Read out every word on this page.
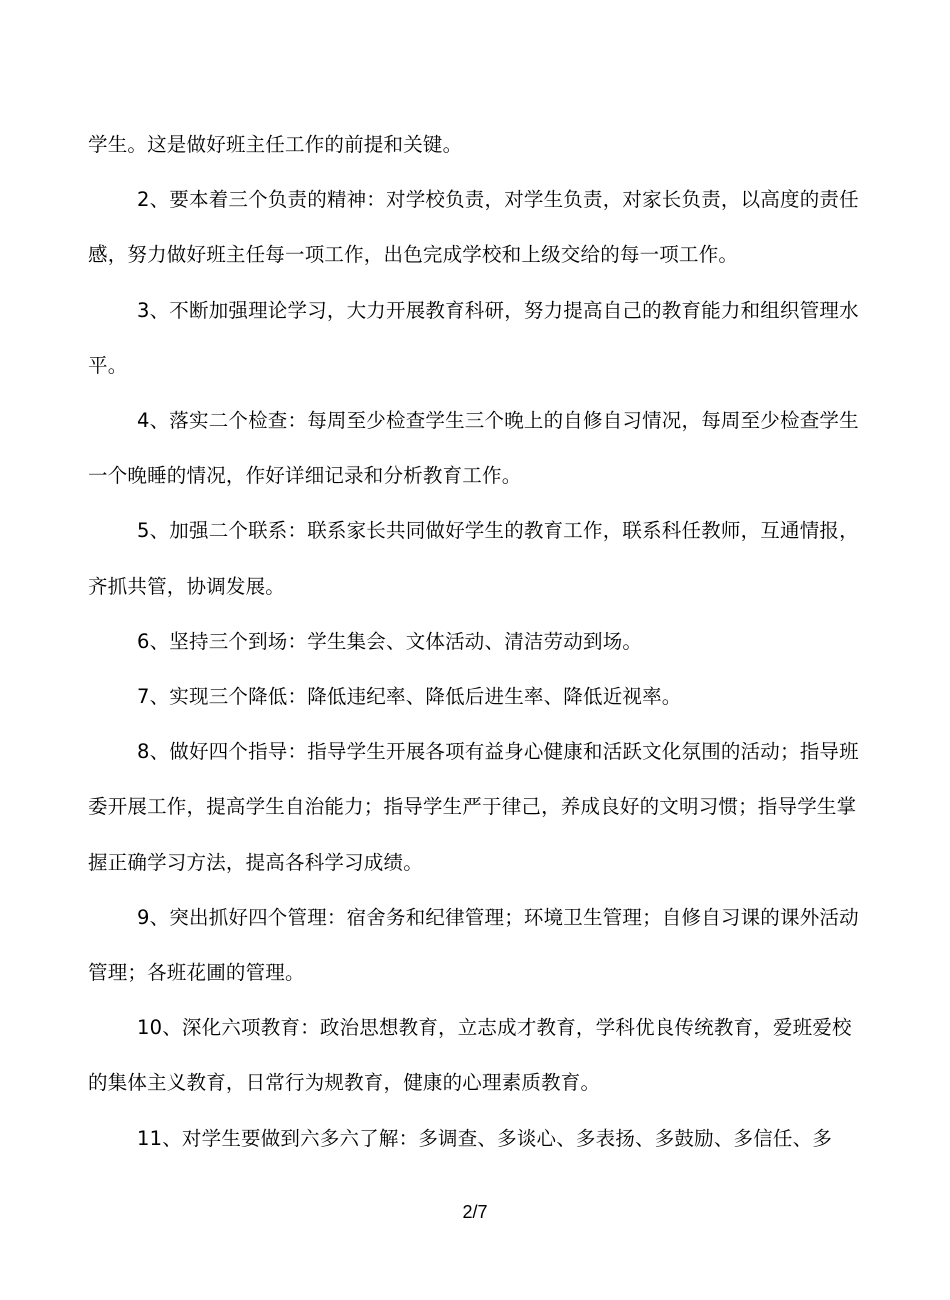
学生。这是做好班主任工作的前提和关键。

2、要本着三个负责的精神：对学校负责，对学生负责，对家长负责，以高度的责任感，努力做好班主任每一项工作，出色完成学校和上级交给的每一项工作。

3、不断加强理论学习，大力开展教育科研，努力提高自己的教育能力和组织管理水平。

4、落实二个检查：每周至少检查学生三个晚上的自修自习情况，每周至少检查学生一个晚睡的情况，作好详细记录和分析教育工作。

5、加强二个联系：联系家长共同做好学生的教育工作，联系科任教师，互通情报，齐抓共管，协调发展。

6、坚持三个到场：学生集会、文体活动、清洁劳动到场。

7、实现三个降低：降低违纪率、降低后进生率、降低近视率。

8、做好四个指导：指导学生开展各项有益身心健康和活跃文化氛围的活动；指导班委开展工作，提高学生自治能力；指导学生严于律己，养成良好的文明习惯；指导学生掌握正确学习方法，提高各科学习成绩。

9、突出抓好四个管理：宿舍务和纪律管理；环境卫生管理；自修自习课的课外活动管理；各班花圃的管理。

10、深化六项教育：政治思想教育，立志成才教育，学科优良传统教育，爱班爱校的集体主义教育，日常行为规教育，健康的心理素质教育。

11、对学生要做到六多六了解：多调查、多谈心、多表扬、多鼓励、多信任、多

2/7
